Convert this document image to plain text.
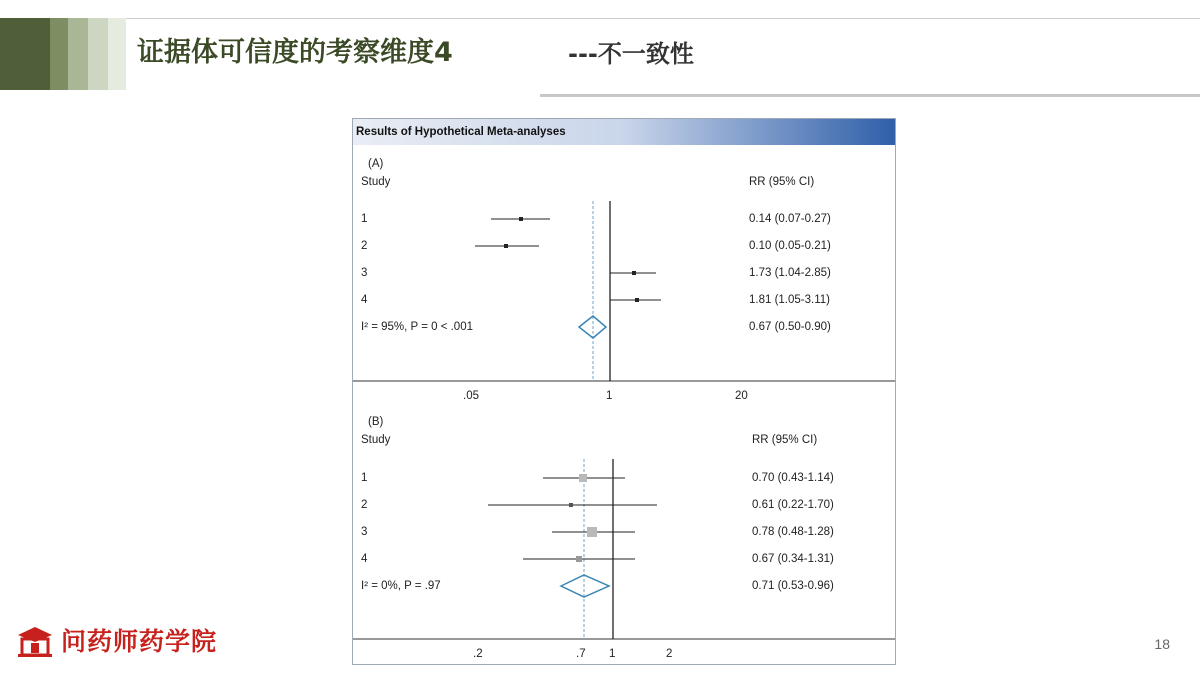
证据体可信度的考察维度4	---不一致性
Results of Hypothetical Meta-analyses
(A)
Study	RR (95% CI)
1	0.14 (0.07-0.27)
2	0.10 (0.05-0.21)
3	1.73 (1.04-2.85)
4	1.81 (1.05-3.11)
I² = 95%, P = 0 < .001	0.67 (0.50-0.90)
.05	1	20
(B)
Study	RR (95% CI)
1	0.70 (0.43-1.14)
2	0.61 (0.22-1.70)
3	0.78 (0.48-1.28)
4	0.67 (0.34-1.31)
I² = 0%, P = .97	0.71 (0.53-0.96)
.2	.7 1	2
问药师药学院	18
